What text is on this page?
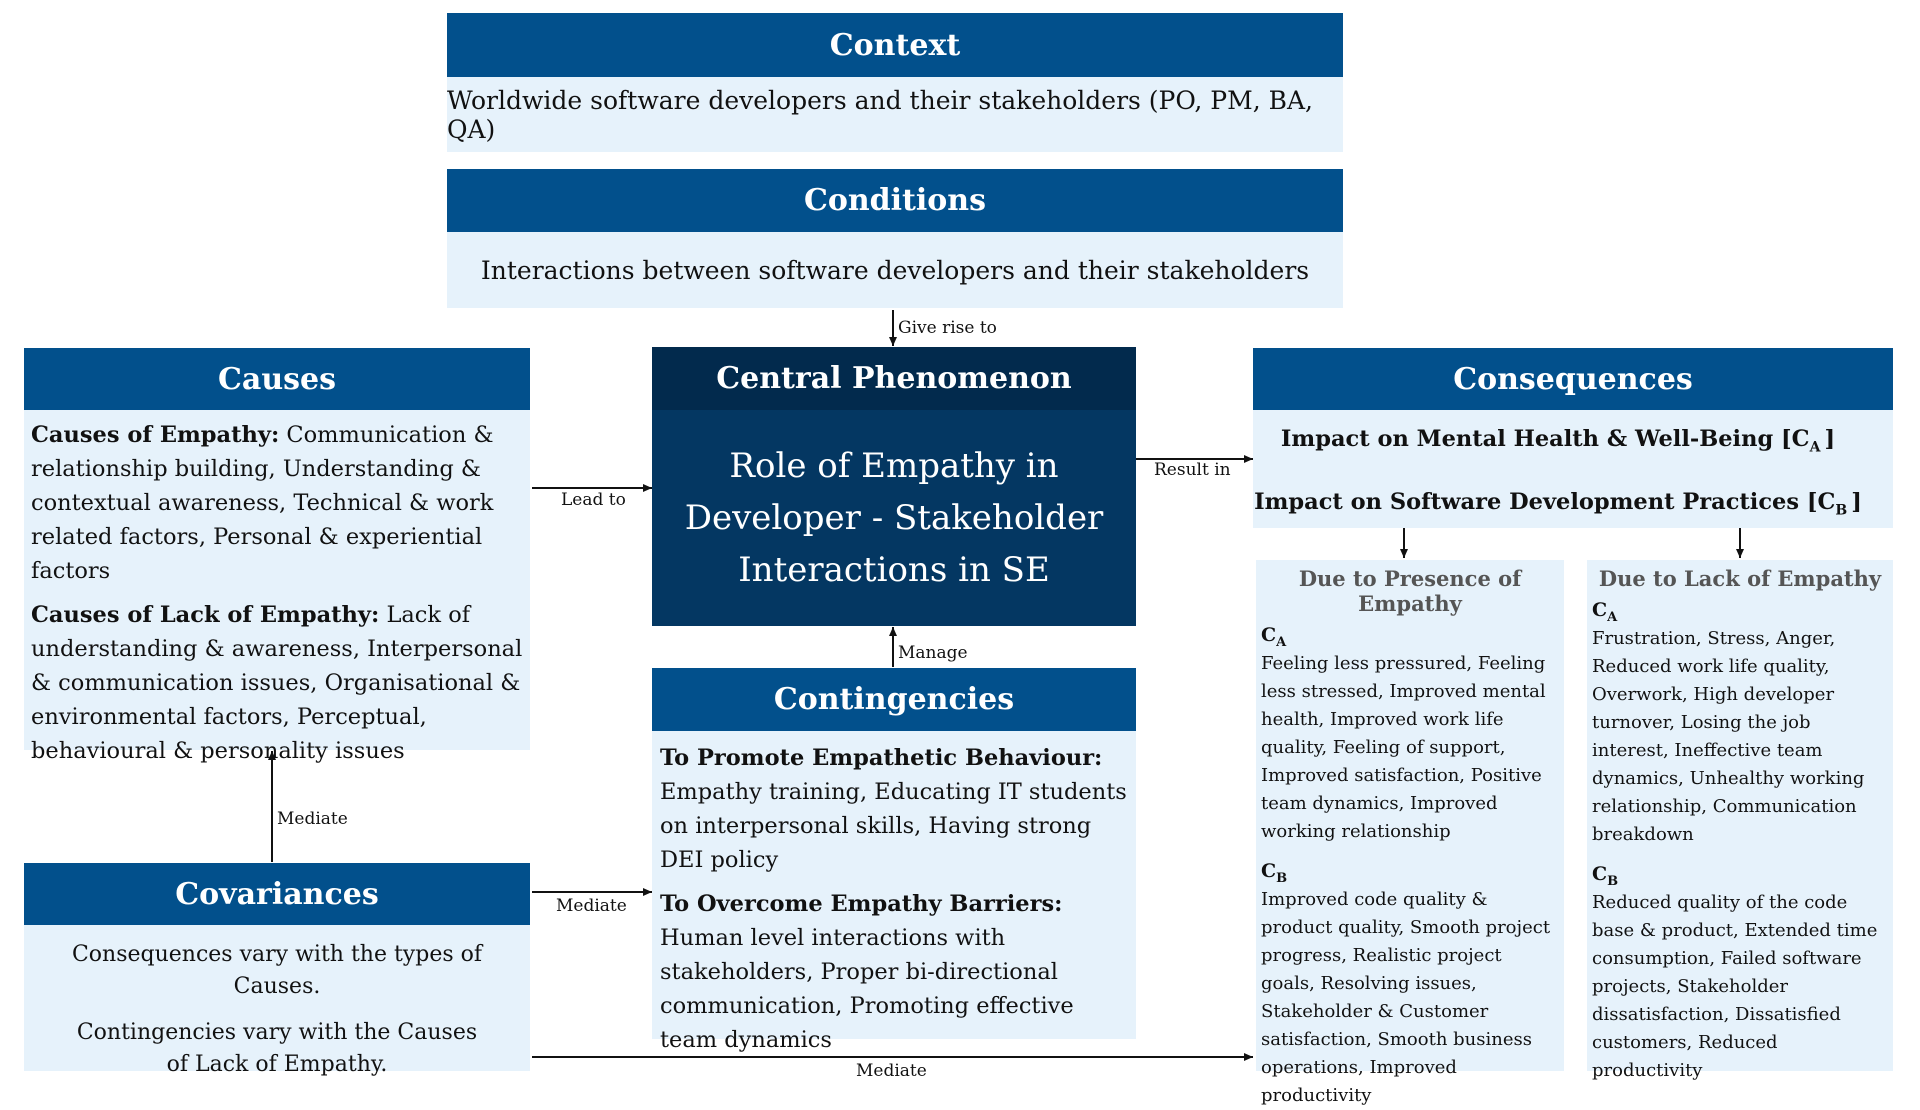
Give rise to
Lead to
Result in
Manage
Mediate
Mediate
Mediate
Context
Worldwide software developers and their stakeholders (PO, PM, BA, QA)
Conditions
Interactions between software developers and their stakeholders
Causes

Causes of Empathy: Communication & relationship building, Understanding & contextual awareness, Technical & work related factors, Personal & experiential factors

Causes of Lack of Empathy: Lack of understanding & awareness, Interpersonal & communication issues, Organisational & environmental factors, Perceptual, behavioural & personality issues

Central Phenomenon
Role of Empathy in Developer - Stakeholder Interactions in SE
Contingencies

To Promote Empathetic Behaviour: Empathy training, Educating IT students on interpersonal skills, Having strong DEI policy

To Overcome Empathy Barriers: Human level interactions with stakeholders, Proper bi-directional communication, Promoting effective team dynamics

Covariances

Consequences vary with the types of Causes.

Contingencies vary with the Causes of Lack of Empathy.

Consequences
Impact on Mental Health & Well-Being [$C_A$ ]
Impact on Software Development Practices [$C_B$ ]
Due to Presence of Empathy
$C_A$
Feeling less pressured, Feeling less stressed, Improved mental health, Improved work life quality, Feeling of support, Improved satisfaction, Positive team dynamics, Improved working relationship
$C_B$
Improved code quality & product quality, Smooth project progress, Realistic project goals, Resolving issues, Stakeholder & Customer satisfaction, Smooth business operations, Improved productivity
Due to Lack of Empathy
$C_A$
Frustration, Stress, Anger, Reduced work life quality, Overwork, High developer turnover, Losing the job interest, Ineffective team dynamics, Unhealthy working relationship, Communication breakdown
$C_B$
Reduced quality of the code base & product, Extended time consumption, Failed software projects, Stakeholder dissatisfaction, Dissatisfied customers, Reduced productivity
